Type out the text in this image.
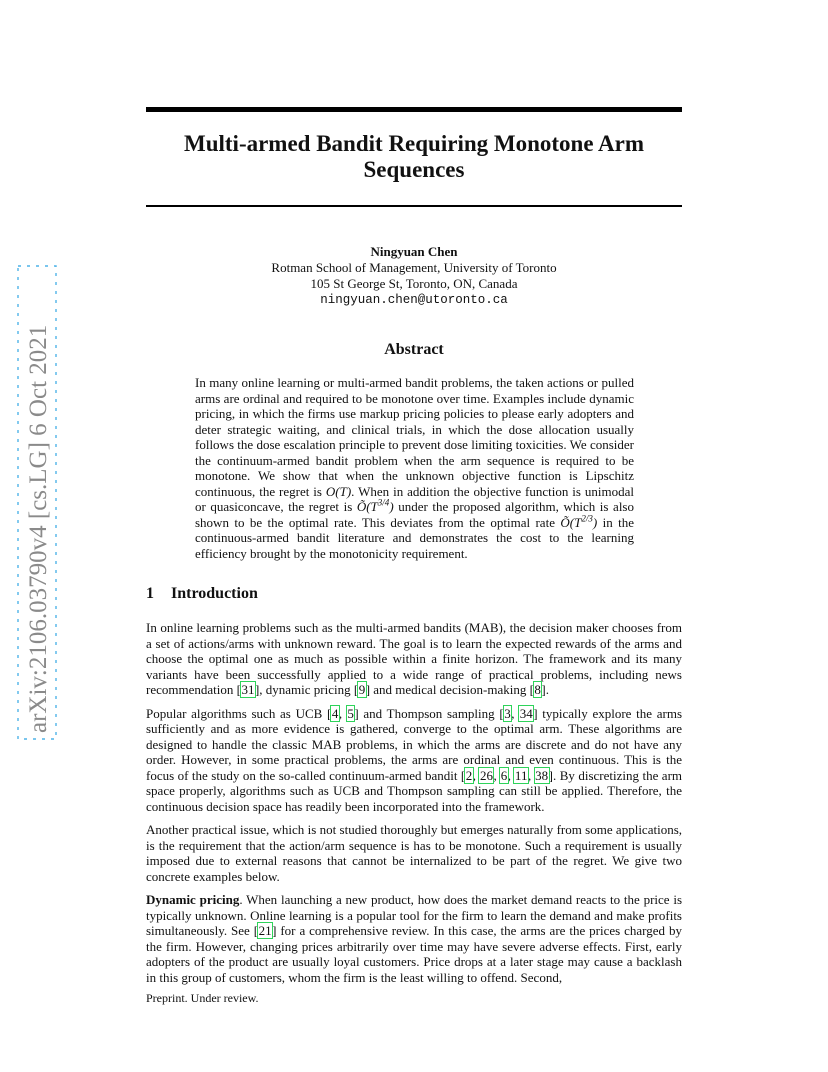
arXiv:2106.03790v4 [cs.LG] 6 Oct 2021
Multi-armed Bandit Requiring Monotone Arm
Sequences
Ningyuan Chen
Rotman School of Management, University of Toronto
105 St George St, Toronto, ON, Canada
ningyuan.chen@utoronto.ca
Abstract

In many online learning or multi-armed bandit problems, the taken actions or pulled arms are ordinal and required to be monotone over time. Examples include dynamic pricing, in which the firms use markup pricing policies to please early adopters and deter strategic waiting, and clinical trials, in which the dose allocation usually follows the dose escalation principle to prevent dose limiting toxicities. We consider the continuum-armed bandit problem when the arm sequence is required to be monotone. We show that when the unknown objective function is Lipschitz continuous, the regret is O(T). When in addition the objective function is unimodal or quasiconcave, the regret is $Õ(T^{3/4})$ under the proposed algorithm, which is also shown to be the optimal rate. This deviates from the optimal rate $Õ(T^{2/3})$ in the continuous-armed bandit literature and demonstrates the cost to the learning efficiency brought by the monotonicity requirement.

1 Introduction

In online learning problems such as the multi-armed bandits (MAB), the decision maker chooses from a set of actions/arms with unknown reward. The goal is to learn the expected rewards of the arms and choose the optimal one as much as possible within a finite horizon. The framework and its many variants have been successfully applied to a wide range of practical problems, including news recommendation [31], dynamic pricing [9] and medical decision-making [8].

Popular algorithms such as UCB [4, 5] and Thompson sampling [3, 34] typically explore the arms sufficiently and as more evidence is gathered, converge to the optimal arm. These algorithms are designed to handle the classic MAB problems, in which the arms are discrete and do not have any order. However, in some practical problems, the arms are ordinal and even continuous. This is the focus of the study on the so-called continuum-armed bandit [2, 26, 6, 11, 38]. By discretizing the arm space properly, algorithms such as UCB and Thompson sampling can still be applied. Therefore, the continuous decision space has readily been incorporated into the framework.

Another practical issue, which is not studied thoroughly but emerges naturally from some applications, is the requirement that the action/arm sequence is has to be monotone. Such a requirement is usually imposed due to external reasons that cannot be internalized to be part of the regret. We give two concrete examples below.

Dynamic pricing. When launching a new product, how does the market demand reacts to the price is typically unknown. Online learning is a popular tool for the firm to learn the demand and make profits simultaneously. See [21] for a comprehensive review. In this case, the arms are the prices charged by the firm. However, changing prices arbitrarily over time may have severe adverse effects. First, early adopters of the product are usually loyal customers. Price drops at a later stage may cause a backlash in this group of customers, whom the firm is the least willing to offend. Second,

Preprint. Under review.
